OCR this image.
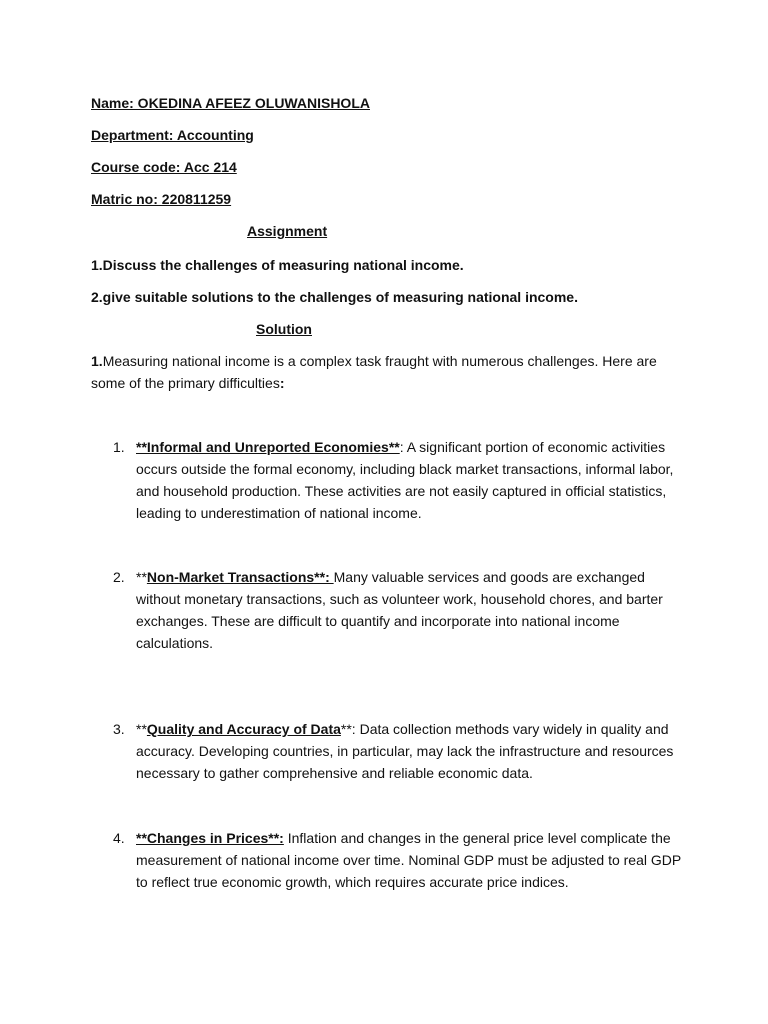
Name: OKEDINA AFEEZ OLUWANISHOLA
Department: Accounting
Course code: Acc 214
Matric no: 220811259
Assignment
1.Discuss the challenges of measuring national income.
2.give suitable solutions to the challenges of measuring national income.
Solution
1.Measuring national income is a complex task fraught with numerous challenges. Here are some of the primary difficulties:
1. **Informal and Unreported Economies**: A significant portion of economic activities occurs outside the formal economy, including black market transactions, informal labor, and household production. These activities are not easily captured in official statistics, leading to underestimation of national income.
2. **Non-Market Transactions**: Many valuable services and goods are exchanged without monetary transactions, such as volunteer work, household chores, and barter exchanges. These are difficult to quantify and incorporate into national income calculations.
3. **Quality and Accuracy of Data**: Data collection methods vary widely in quality and accuracy. Developing countries, in particular, may lack the infrastructure and resources necessary to gather comprehensive and reliable economic data.
4. **Changes in Prices**: Inflation and changes in the general price level complicate the measurement of national income over time. Nominal GDP must be adjusted to real GDP to reflect true economic growth, which requires accurate price indices.
